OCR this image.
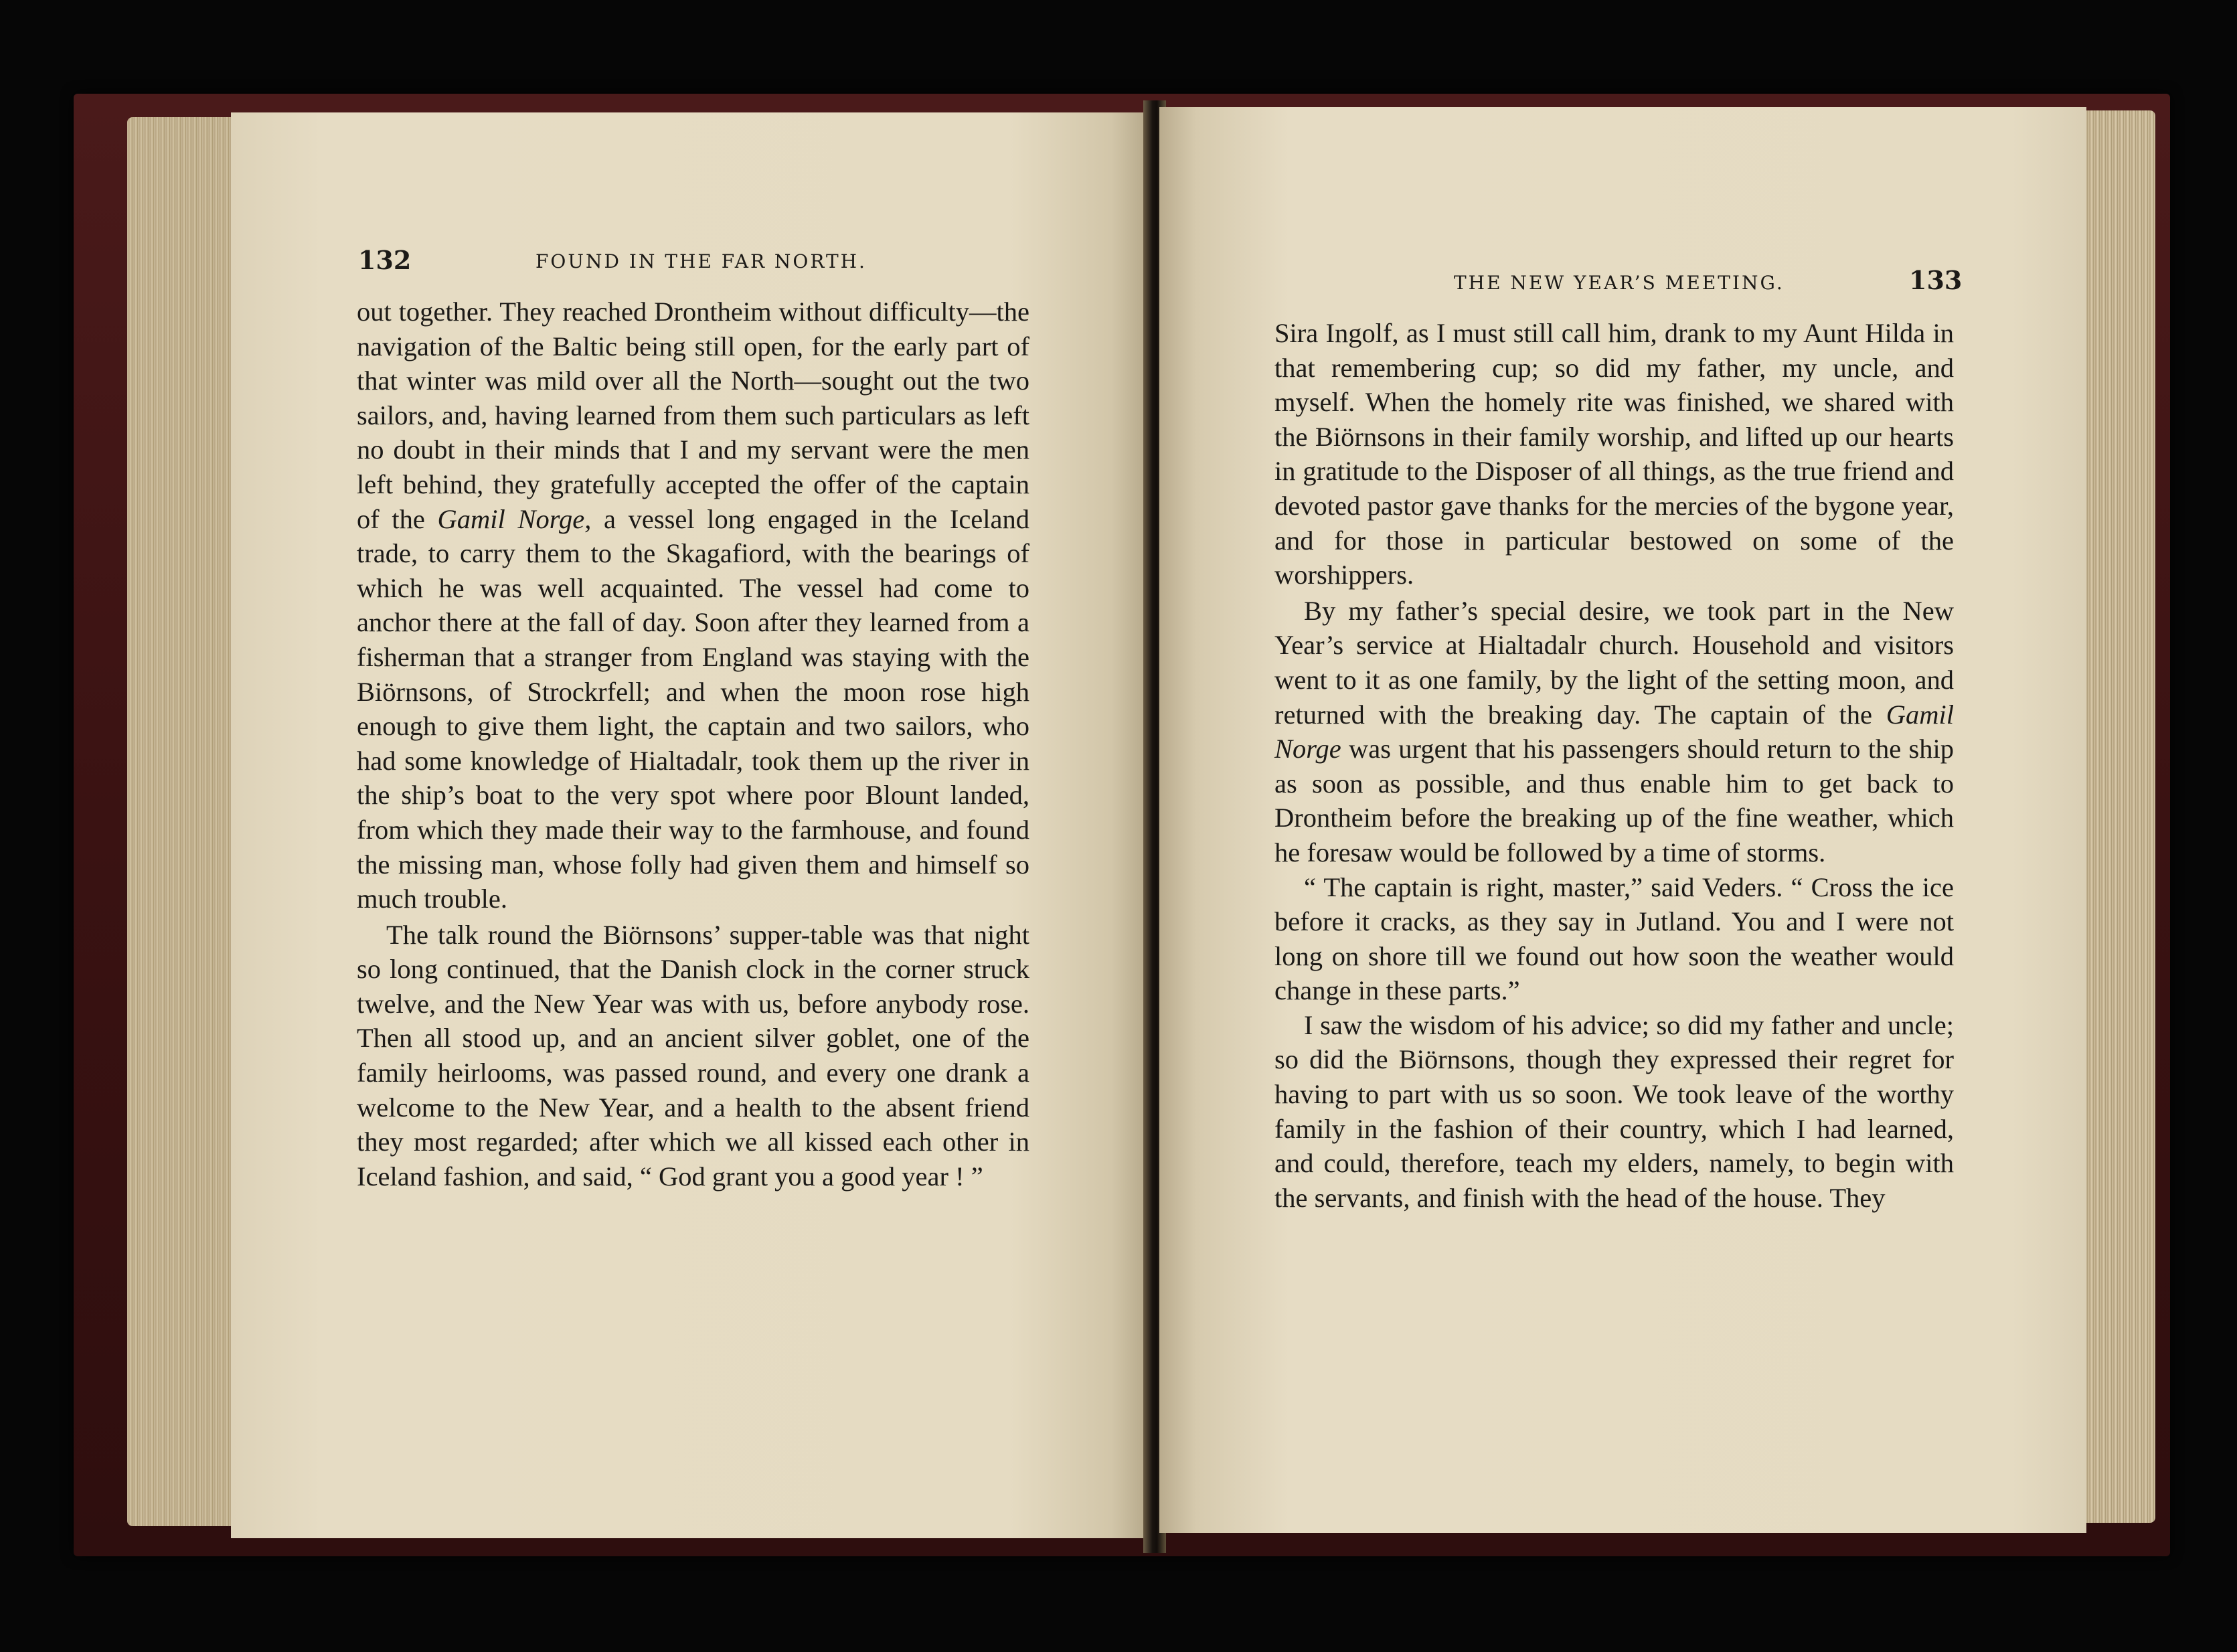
132	FOUND IN THE FAR NORTH.

out together. They reached Drontheim without difficulty—the navigation of the Baltic being still open, for the early part of that winter was mild over all the North—sought out the two sailors, and, having learned from them such particulars as left no doubt in their minds that I and my servant were the men left behind, they gratefully accepted the offer of the captain of the Gamil Norge, a vessel long engaged in the Iceland trade, to carry them to the Skagafiord, with the bearings of which he was well acquainted. The vessel had come to anchor there at the fall of day. Soon after they learned from a fisherman that a stranger from England was staying with the Biörnsons, of Strockrfell; and when the moon rose high enough to give them light, the captain and two sailors, who had some knowledge of Hialtadalr, took them up the river in the ship’s boat to the very spot where poor Blount landed, from which they made their way to the farmhouse, and found the missing man, whose folly had given them and himself so much trouble.

The talk round the Biörnsons’ supper-table was that night so long continued, that the Danish clock in the corner struck twelve, and the New Year was with us, before anybody rose. Then all stood up, and an ancient silver goblet, one of the family heirlooms, was passed round, and every one drank a welcome to the New Year, and a health to the absent friend they most regarded; after which we all kissed each other in Iceland fashion, and said, “ God grant you a good year ! ”

THE NEW YEAR’S MEETING.	133

Sira Ingolf, as I must still call him, drank to my Aunt Hilda in that remembering cup; so did my father, my uncle, and myself. When the homely rite was finished, we shared with the Biörnsons in their family worship, and lifted up our hearts in gratitude to the Disposer of all things, as the true friend and devoted pastor gave thanks for the mercies of the bygone year, and for those in particular bestowed on some of the worshippers.

By my father’s special desire, we took part in the New Year’s service at Hialtadalr church. Household and visitors went to it as one family, by the light of the setting moon, and returned with the breaking day. The captain of the Gamil Norge was urgent that his passengers should return to the ship as soon as possible, and thus enable him to get back to Drontheim before the breaking up of the fine weather, which he foresaw would be followed by a time of storms.

“ The captain is right, master,” said Veders. “ Cross the ice before it cracks, as they say in Jutland. You and I were not long on shore till we found out how soon the weather would change in these parts.”

I saw the wisdom of his advice; so did my father and uncle; so did the Biörnsons, though they expressed their regret for having to part with us so soon. We took leave of the worthy family in the fashion of their country, which I had learned, and could, therefore, teach my elders, namely, to begin with the servants, and finish with the head of the house. They
